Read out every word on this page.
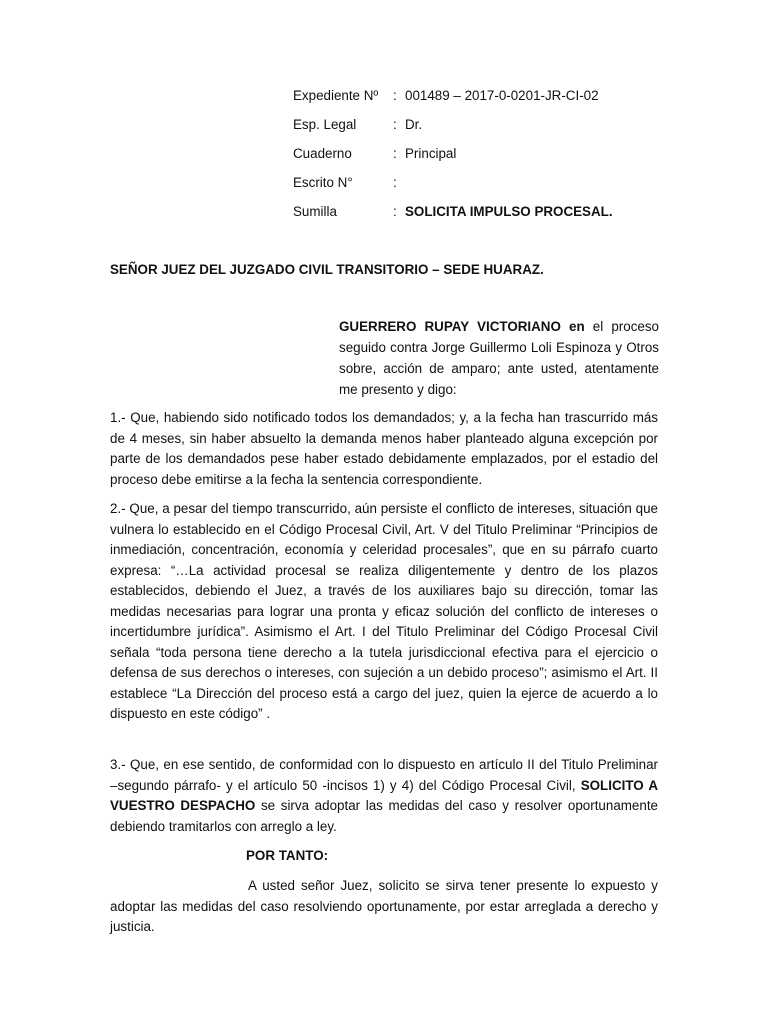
Expediente Nº : 001489 – 2017-0-0201-JR-CI-02
Esp. Legal	: Dr.
Cuaderno	: Principal
Escrito N°	:
Sumilla	: SOLICITA IMPULSO PROCESAL.
SEÑOR JUEZ DEL JUZGADO CIVIL TRANSITORIO – SEDE HUARAZ.
GUERRERO RUPAY VICTORIANO en el proceso seguido contra Jorge Guillermo Loli Espinoza y Otros sobre, acción de amparo; ante usted, atentamente me presento y digo:
1.- Que, habiendo sido notificado todos los demandados; y, a la fecha han trascurrido más de 4 meses, sin haber absuelto la demanda menos haber planteado alguna excepción por parte de los demandados pese haber estado debidamente emplazados, por el estadio del proceso debe emitirse a la fecha la sentencia correspondiente.
2.- Que, a pesar del tiempo transcurrido, aún persiste el conflicto de intereses, situación que vulnera lo establecido en el Código Procesal Civil, Art. V del Titulo Preliminar “Principios de inmediación, concentración, economía y celeridad procesales”, que en su párrafo cuarto expresa: “…La actividad procesal se realiza diligentemente y dentro de los plazos establecidos, debiendo el Juez, a través de los auxiliares bajo su dirección, tomar las medidas necesarias para lograr una pronta y eficaz solución del conflicto de intereses o incertidumbre jurídica”. Asimismo el Art. I del Titulo Preliminar del Código Procesal Civil señala “toda persona tiene derecho a la tutela jurisdiccional efectiva para el ejercicio o defensa de sus derechos o intereses, con sujeción a un debido proceso”; asimismo el Art. II establece “La Dirección del proceso está a cargo del juez, quien la ejerce de acuerdo a lo dispuesto en este código” .
3.- Que, en ese sentido, de conformidad con lo dispuesto en artículo II del Titulo Preliminar –segundo párrafo- y el artículo 50 -incisos 1) y 4) del Código Procesal Civil, SOLICITO A VUESTRO DESPACHO se sirva adoptar las medidas del caso y resolver oportunamente debiendo tramitarlos con arreglo a ley.
POR TANTO:
A usted señor Juez, solicito se sirva tener presente lo expuesto y adoptar las medidas del caso resolviendo oportunamente, por estar arreglada a derecho y justicia.
